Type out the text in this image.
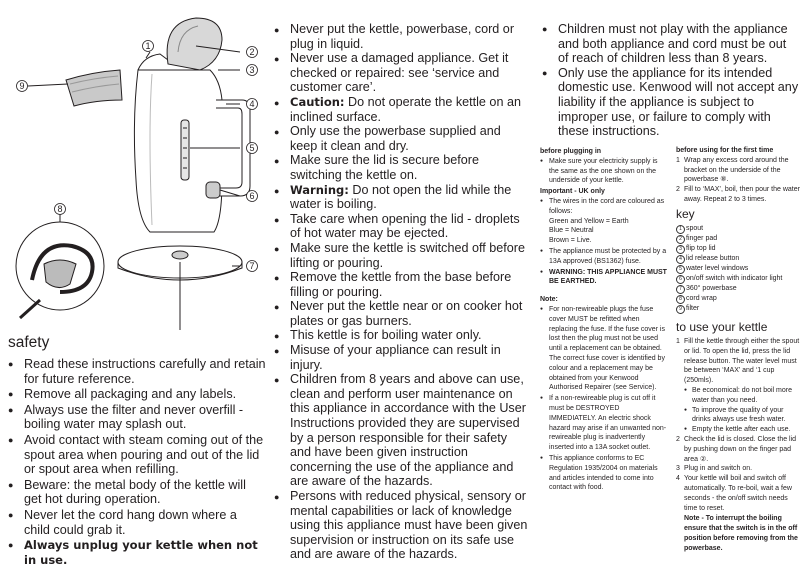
1
2
3
4
5
6
7
8
9
safety
● Read these instructions carefully and retain for future reference.
● Remove all packaging and any labels.
● Always use the filter and never overfill - boiling water may splash out.
● Avoid contact with steam coming out of the spout area when pouring and out of the lid or spout area when refilling.
● Beware: the metal body of the kettle will get hot during operation.
● Never let the cord hang down where a child could grab it.
● Always unplug your kettle when not in use.
● Never put the kettle, powerbase, cord or plug in liquid.
● Never use a damaged appliance. Get it checked or repaired: see ‘service and customer care’.
● Caution: Do not operate the kettle on an inclined surface.
● Only use the powerbase supplied and keep it clean and dry.
● Make sure the lid is secure before switching the kettle on.
● Warning: Do not open the lid while the water is boiling.
● Take care when opening the lid - droplets of hot water may be ejected.
● Make sure the kettle is switched off before lifting or pouring.
● Remove the kettle from the base before filling or pouring.
● Never put the kettle near or on cooker hot plates or gas burners.
● This kettle is for boiling water only.
● Misuse of your appliance can result in injury.
● Children from 8 years and above can use, clean and perform user maintenance on this appliance in accordance with the User Instructions provided they are supervised by a person responsible for their safety and have been given instruction concerning the use of the appliance and are aware of the hazards.
● Persons with reduced physical, sensory or mental capabilities or lack of knowledge using this appliance must have been given supervision or instruction on its safe use and are aware of the hazards.
● Children must not play with the appliance and both appliance and cord must be out of reach of children less than 8 years.
● Only use the appliance for its intended domestic use. Kenwood will not accept any liability if the appliance is subject to improper use, or failure to comply with these instructions.

before plugging in

● Make sure your electricity supply is the same as the one shown on the underside of your kettle.

Important - UK only

● The wires in the cord are coloured as follows:
Green and Yellow = Earth
Blue = Neutral
Brown = Live.
● The appliance must be protected by a 13A approved (BS1362) fuse.
● WARNING: THIS APPLIANCE MUST BE EARTHED.

Note:

● For non-rewireable plugs the fuse cover MUST be refitted when replacing the fuse. If the fuse cover is lost then the plug must not be used until a replacement can be obtained. The correct fuse cover is identified by colour and a replacement may be obtained from your Kenwood Authorised Repairer (see Service).
● If a non-rewireable plug is cut off it must be DESTROYED IMMEDIATELY. An electric shock hazard may arise if an unwanted non-rewireable plug is inadvertently inserted into a 13A socket outlet.
● This appliance conforms to EC Regulation 1935/2004 on materials and articles intended to come into contact with food.

before using for the first time

1 Wrap any excess cord around the bracket on the underside of the powerbase ⑧.
2 Fill to ‘MAX’, boil, then pour the water away. Repeat 2 to 3 times.
key
1 spout
2 finger pad
3 flip top lid
4 lid release button
5 water level windows
6 on/off switch with indicator light
7 360° powerbase
8 cord wrap
9 filter
to use your kettle
1 Fill the kettle through either the spout or lid. To open the lid, press the lid release button. The water level must be between ‘MAX’ and ‘1 cup (250mls).
● Be economical: do not boil more water than you need.
● To improve the quality of your drinks always use fresh water.
● Empty the kettle after each use.
2 Check the lid is closed. Close the lid by pushing down on the finger pad area ②.
3 Plug in and switch on.
4 Your kettle will boil and switch off automatically. To re-boil, wait a few seconds - the on/off switch needs time to reset.
Note - To interrupt the boiling ensure that the switch is in the off position before removing from the powerbase.
